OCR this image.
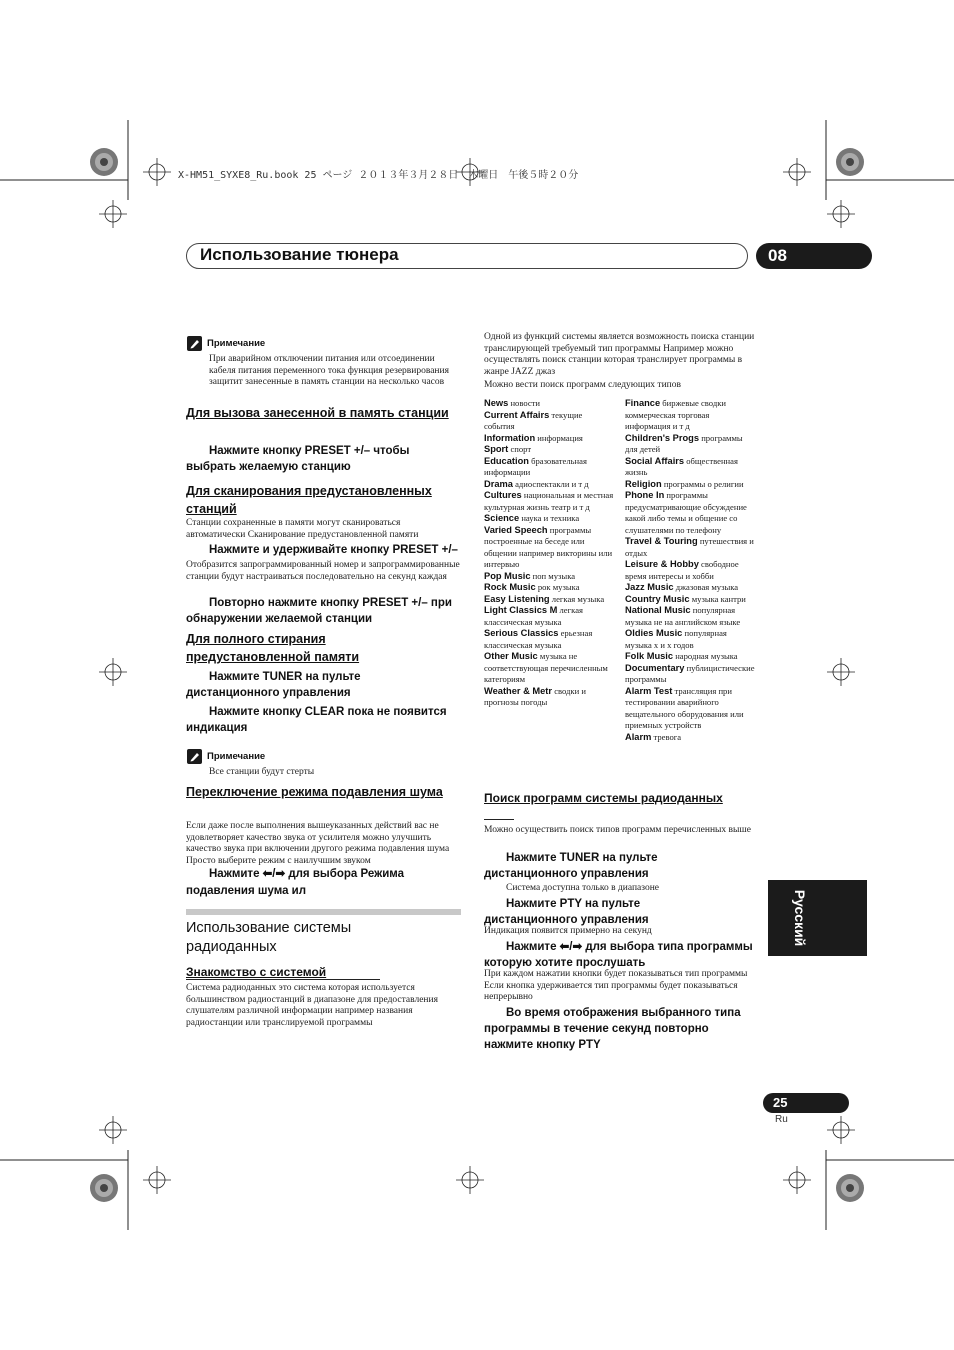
X-HM51_SYXE8_Ru.book 25 ページ ２０１３年３月２８日　木曜日　午後５時２０分
Использование тюнера	08
Русский
25
Ru
Примечание
При аварийном отключении питания или отсоединении кабеля питания переменного тока функция резервирования защитит занесенные в память станции на несколько часов
Для вызова занесенной в память станции
Нажмите кнопку PRESET +/– чтобы выбрать желаемую станцию
Для сканирования предустановленных станций
Станции сохраненные в памяти могут сканироваться автоматически Сканирование предустановленной памяти
Нажмите и удерживайте кнопку PRESET +/–
Отобразится запрограммированный номер и запрограммированные станции будут настраиваться последовательно на секунд каждая
Повторно нажмите кнопку PRESET +/– при обнаружении желаемой станции
Для полного стирания предустановленной памяти
Нажмите TUNER на пульте дистанционного управления
Нажмите кнопку CLEAR пока не появится индикация
Примечание
Все станции будут стерты
Переключение режима подавления шума
Если даже после выполнения вышеуказанных действий вас не удовлетворяет качество звука от усилителя можно улучшить качество звука при включении другого режима подавления шума Просто выберите режим с наилучшим звуком
Нажмите ⬅/➡ для выбора Режима подавления шума ил
Использование системы радиоданных
Знакомство с системой
Система радиоданных это система которая используется большинством радиостанций в диапазоне для предоставления слушателям различной информации например названия радиостанции или транслируемой программы
Одной из функций системы является возможность поиска станции транслирующей требуемый тип программы Например можно осуществлять поиск станции которая транслирует программы в жанре JAZZ джаз
Можно вести поиск программ следующих типов
News новости
Current Affairs текущие события
Information информация
Sport спорт
Education бразовательная информации
Drama адиоспектакли и т д
Cultures национальная и местная культурная жизнь театр и т д
Science наука и техника
Varied Speech программы построенные на беседе или общении например викторины или интервью
Pop Music поп музыка
Rock Music рок музыка
Easy Listening легкая музыка
Light Classics M легкая классическая музыка
Serious Classics ерьезная классическая музыка
Other Music музыка не соответствующая перечисленным категориям
Weather & Metr сводки и прогнозы погоды
Finance биржевые сводки коммерческая торговая информация и т д
Children's Progs программы для детей
Social Affairs общественная жизнь
Religion программы о религии
Phone In программы предусматривающие обсуждение какой либо темы и общение со слушателями по телефону
Travel & Touring путешествия и отдых
Leisure & Hobby свободное время интересы и хобби
Jazz Music джазовая музыка
Country Music музыка кантри
National Music популярная музыка не на английском языке
Oldies Music популярная музыка х и х годов
Folk Music народная музыка
Documentary публицистические программы
Alarm Test трансляция при тестировании аварийного вещательного оборудования или приемных устройств
Alarm тревога
Поиск программ системы радиоданных
Можно осуществить поиск типов программ перечисленных выше
Нажмите TUNER на пульте дистанционного управления
Система доступна только в диапазоне
Нажмите PTY на пульте дистанционного управления
Индикация появится примерно на секунд
Нажмите ⬅/➡ для выбора типа программы которую хотите прослушать
При каждом нажатии кнопки будет показываться тип программы Если кнопка удерживается тип программы будет показываться непрерывно
Во время отображения выбранного типа программы в течение секунд повторно нажмите кнопку PTY
